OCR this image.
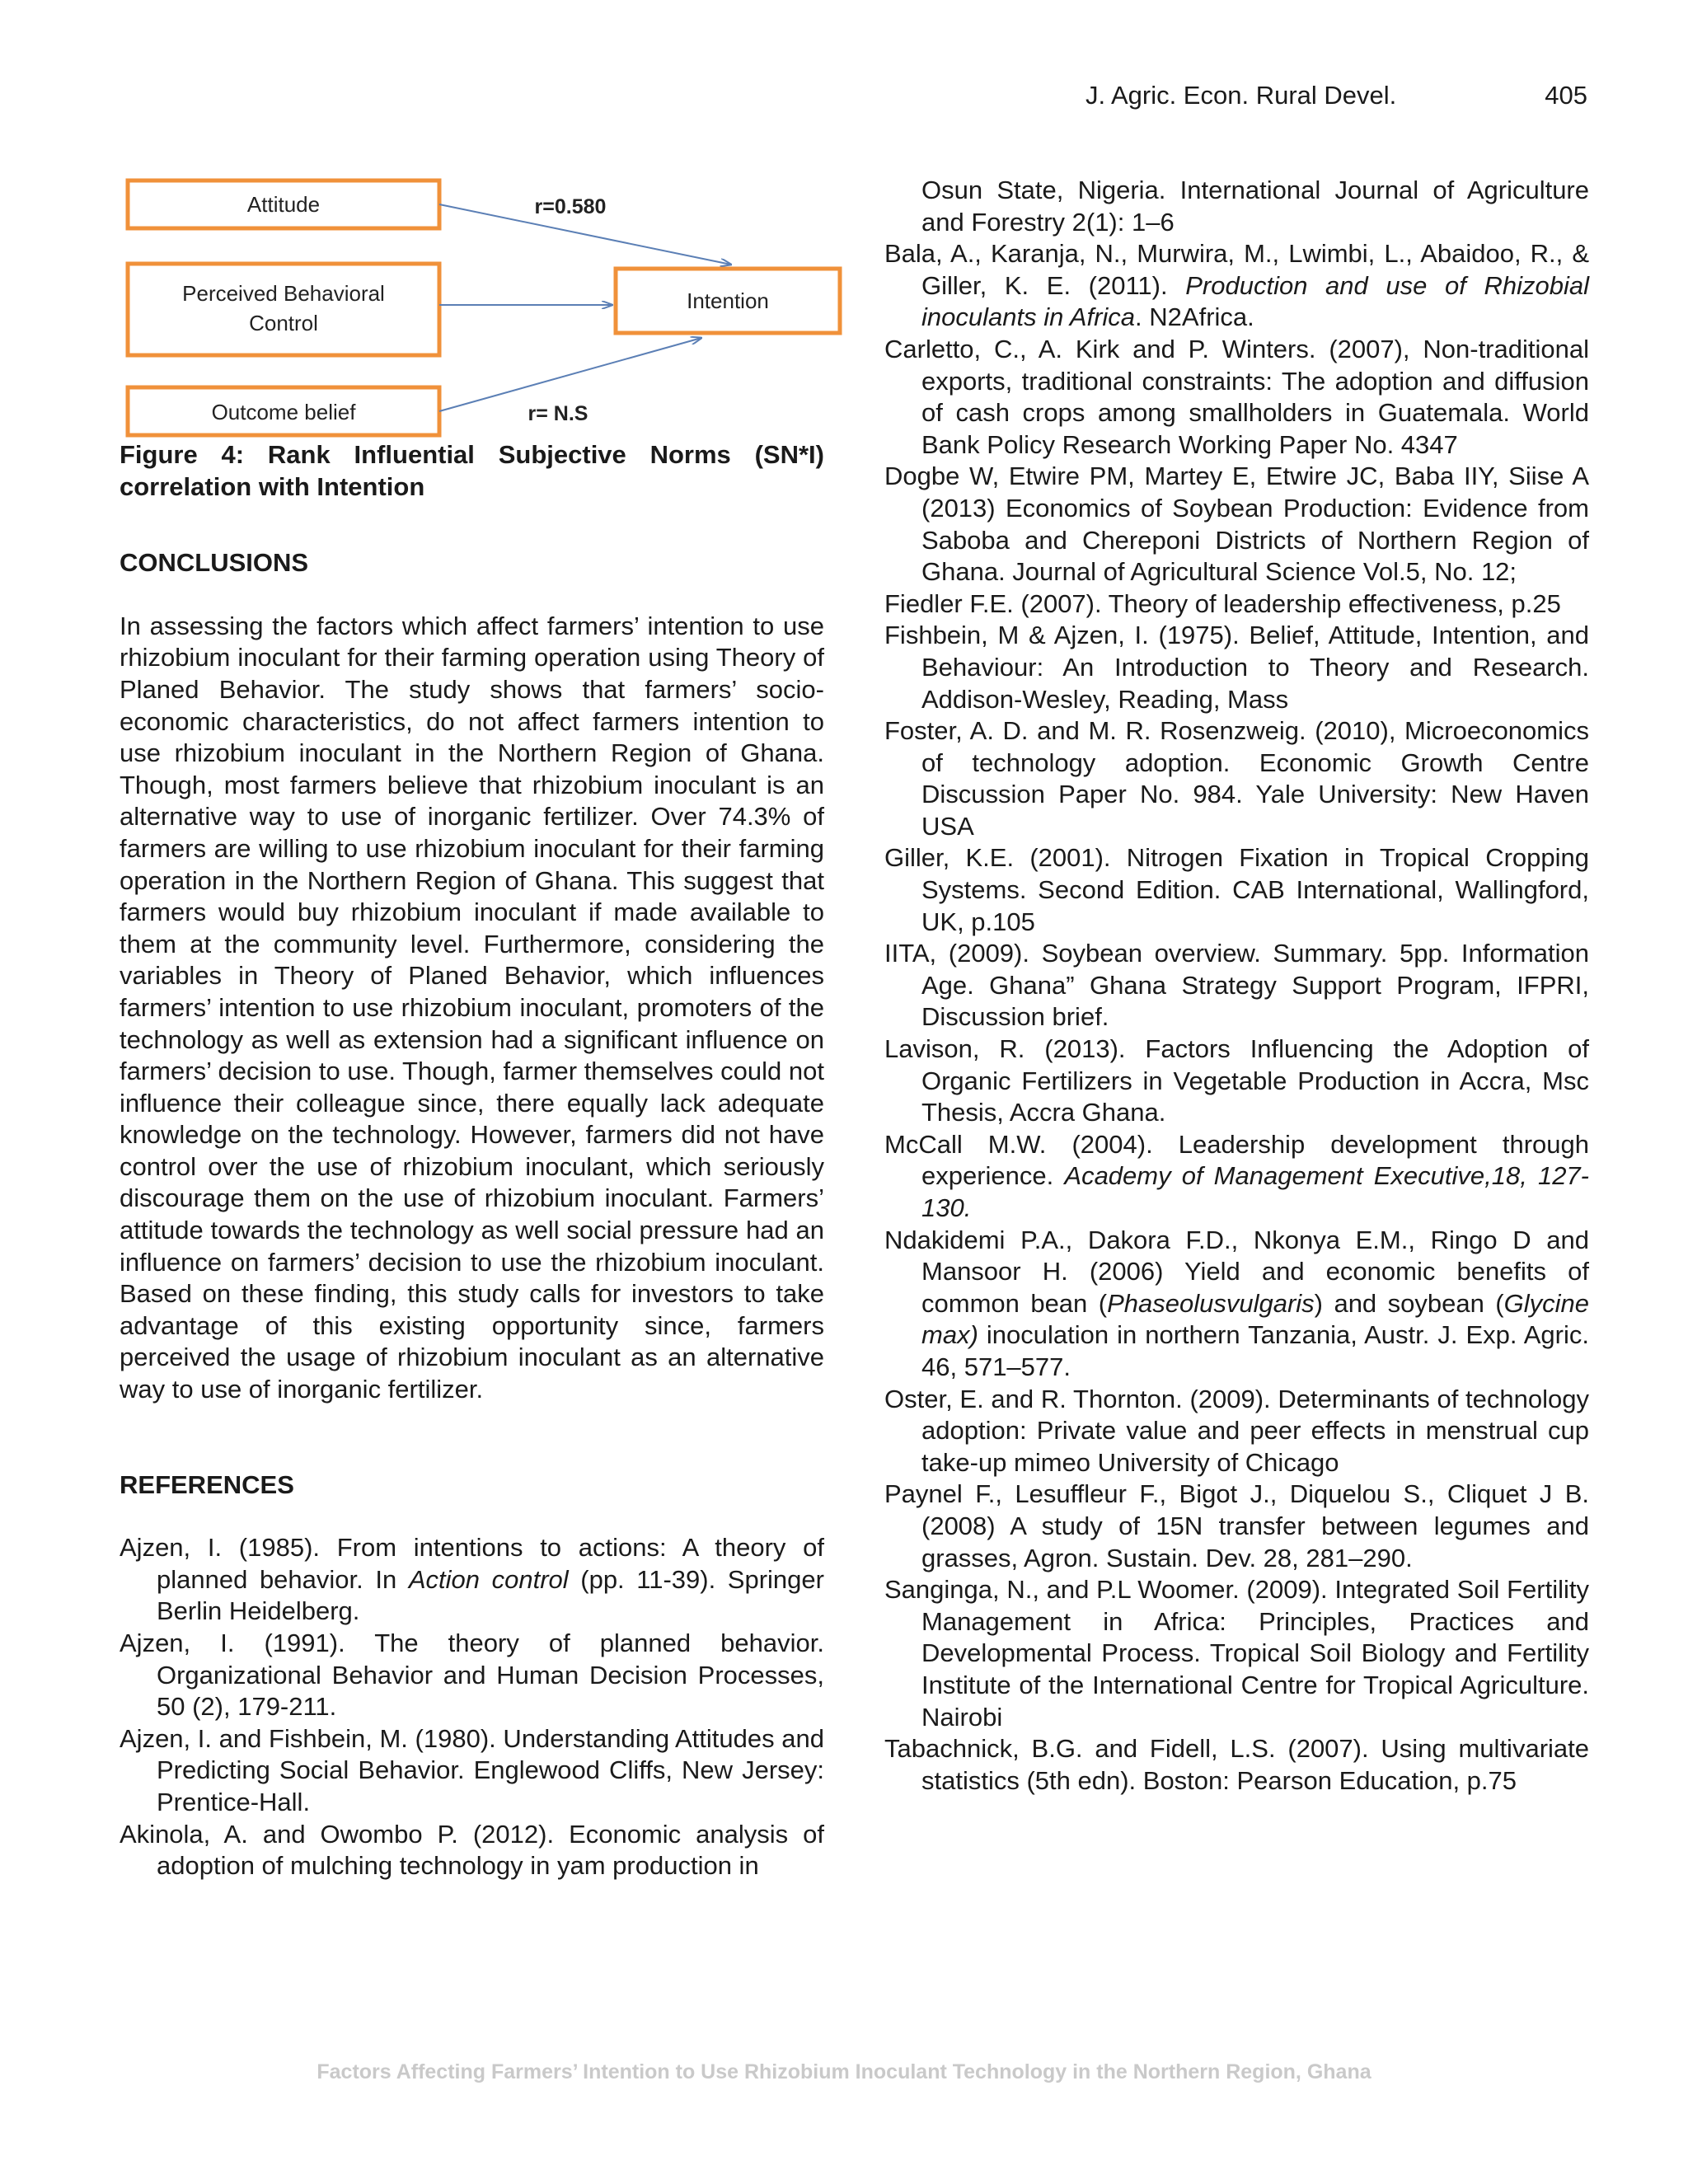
J. Agric. Econ. Rural Devel.	405
Attitude
Perceived Behavioral
Control
Outcome belief
Intention
r=0.580
r= N.S
Figure 4: Rank Influential Subjective Norms (SN*I) correlation with Intention
CONCLUSIONS

In assessing the factors which affect farmers’ intention to use rhizobium inoculant for their farming operation using Theory of Planed Behavior. The study shows that farmers’ socio-economic characteristics, do not affect farmers intention to use rhizobium inoculant in the Northern Region of Ghana. Though, most farmers believe that rhizobium inoculant is an alternative way to use of inorganic fertilizer. Over 74.3% of farmers are willing to use rhizobium inoculant for their farming operation in the Northern Region of Ghana. This suggest that farmers would buy rhizobium inoculant if made available to them at the community level. Furthermore, considering the variables in Theory of Planed Behavior, which influences farmers’ intention to use rhizobium inoculant, promoters of the technology as well as extension had a significant influence on farmers’ decision to use. Though, farmer themselves could not influence their colleague since, there equally lack adequate knowledge on the technology. However, farmers did not have control over the use of rhizobium inoculant, which seriously discourage them on the use of rhizobium inoculant. Farmers’ attitude towards the technology as well social pressure had an influence on farmers’ decision to use the rhizobium inoculant. Based on these finding, this study calls for investors to take advantage of this existing opportunity since, farmers perceived the usage of rhizobium inoculant as an alternative way to use of inorganic fertilizer.

REFERENCES
Ajzen, I. (1985). From intentions to actions: A theory of planned behavior. In Action control (pp. 11-39). Springer Berlin Heidelberg.
Ajzen, I. (1991). The theory of planned behavior. Organizational Behavior and Human Decision Processes, 50 (2), 179-211.
Ajzen, I. and Fishbein, M. (1980). Understanding Attitudes and Predicting Social Behavior. Englewood Cliffs, New Jersey: Prentice-Hall.
Akinola, A. and Owombo P. (2012). Economic analysis of adoption of mulching technology in yam production in
Osun State, Nigeria. International Journal of Agriculture and Forestry 2(1): 1–6
Bala, A., Karanja, N., Murwira, M., Lwimbi, L., Abaidoo, R., & Giller, K. E. (2011). Production and use of Rhizobial inoculants in Africa. N2Africa.
Carletto, C., A. Kirk and P. Winters. (2007), Non-traditional exports, traditional constraints: The adoption and diffusion of cash crops among smallholders in Guatemala. World Bank Policy Research Working Paper No. 4347
Dogbe W, Etwire PM, Martey E, Etwire JC, Baba IIY, Siise A (2013) Economics of Soybean Production: Evidence from Saboba and Chereponi Districts of Northern Region of Ghana. Journal of Agricultural Science Vol.5, No. 12;
Fiedler F.E. (2007). Theory of leadership effectiveness, p.25
Fishbein, M & Ajzen, I. (1975). Belief, Attitude, Intention, and Behaviour: An Introduction to Theory and Research. Addison-Wesley, Reading, Mass
Foster, A. D. and M. R. Rosenzweig. (2010), Microeconomics of technology adoption. Economic Growth Centre Discussion Paper No. 984. Yale University: New Haven USA
Giller, K.E. (2001). Nitrogen Fixation in Tropical Cropping Systems. Second Edition. CAB International, Wallingford, UK, p.105
IITA, (2009). Soybean overview. Summary. 5pp. Information Age. Ghana” Ghana Strategy Support Program, IFPRI, Discussion brief.
Lavison, R. (2013). Factors Influencing the Adoption of Organic Fertilizers in Vegetable Production in Accra, Msc Thesis, Accra Ghana.
McCall M.W. (2004). Leadership development through experience. Academy of Management Executive,18, 127-130.
Ndakidemi P.A., Dakora F.D., Nkonya E.M., Ringo D and Mansoor H. (2006) Yield and economic benefits of common bean (Phaseolusvulgaris) and soybean (Glycine max) inoculation in northern Tanzania, Austr. J. Exp. Agric. 46, 571–577.
Oster, E. and R. Thornton. (2009). Determinants of technology adoption: Private value and peer effects in menstrual cup take-up mimeo University of Chicago
Paynel F., Lesuffleur F., Bigot J., Diquelou S., Cliquet J B. (2008) A study of 15N transfer between legumes and grasses, Agron. Sustain. Dev. 28, 281–290.
Sanginga, N., and P.L Woomer. (2009). Integrated Soil Fertility Management in Africa: Principles, Practices and Developmental Process. Tropical Soil Biology and Fertility Institute of the International Centre for Tropical Agriculture. Nairobi
Tabachnick, B.G. and Fidell, L.S. (2007). Using multivariate statistics (5th edn). Boston: Pearson Education, p.75
Factors Affecting Farmers’ Intention to Use Rhizobium Inoculant Technology in the Northern Region, Ghana
